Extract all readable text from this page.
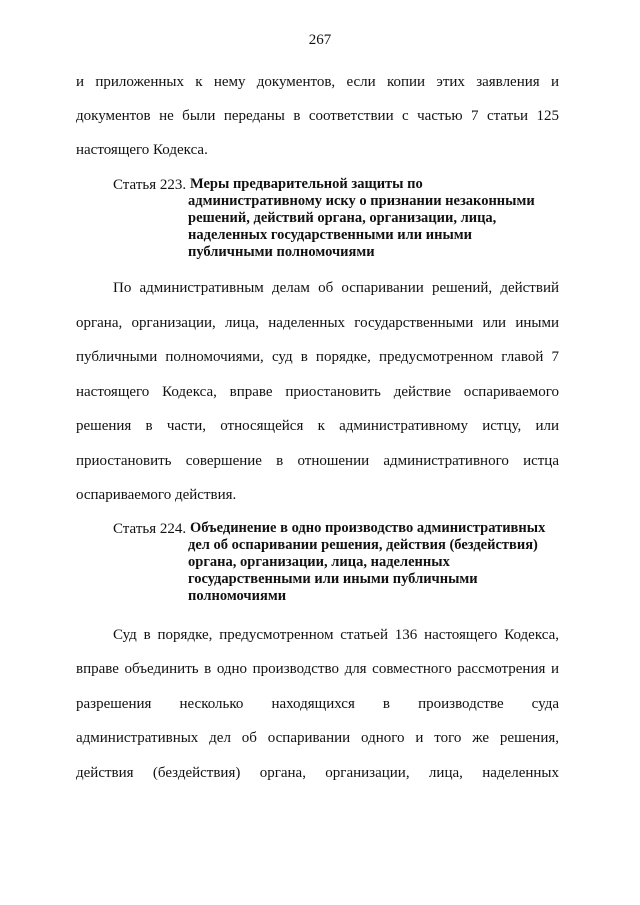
267
и приложенных к нему документов, если копии этих заявления и
документов не были переданы в соответствии с частью 7 статьи 125
настоящего Кодекса.
Статья 223. Меры предварительной защиты по
административному иску о признании незаконными
решений, действий органа, организации, лица,
наделенных государственными или иными
публичными полномочиями
По административным делам об оспаривании решений, действий
органа, организации, лица, наделенных государственными или иными
публичными полномочиями, суд в порядке, предусмотренном главой 7
настоящего Кодекса, вправе приостановить действие оспариваемого
решения в части, относящейся к административному истцу, или
приостановить совершение в отношении административного истца
оспариваемого действия.
Статья 224. Объединение в одно производство административных
дел об оспаривании решения, действия (бездействия)
органа, организации, лица, наделенных
государственными или иными публичными
полномочиями
Суд в порядке, предусмотренном статьей 136 настоящего Кодекса,
вправе объединить в одно производство для совместного рассмотрения и
разрешения несколько находящихся в производстве суда
административных дел об оспаривании одного и того же решения,
действия (бездействия) органа, организации, лица, наделенных
